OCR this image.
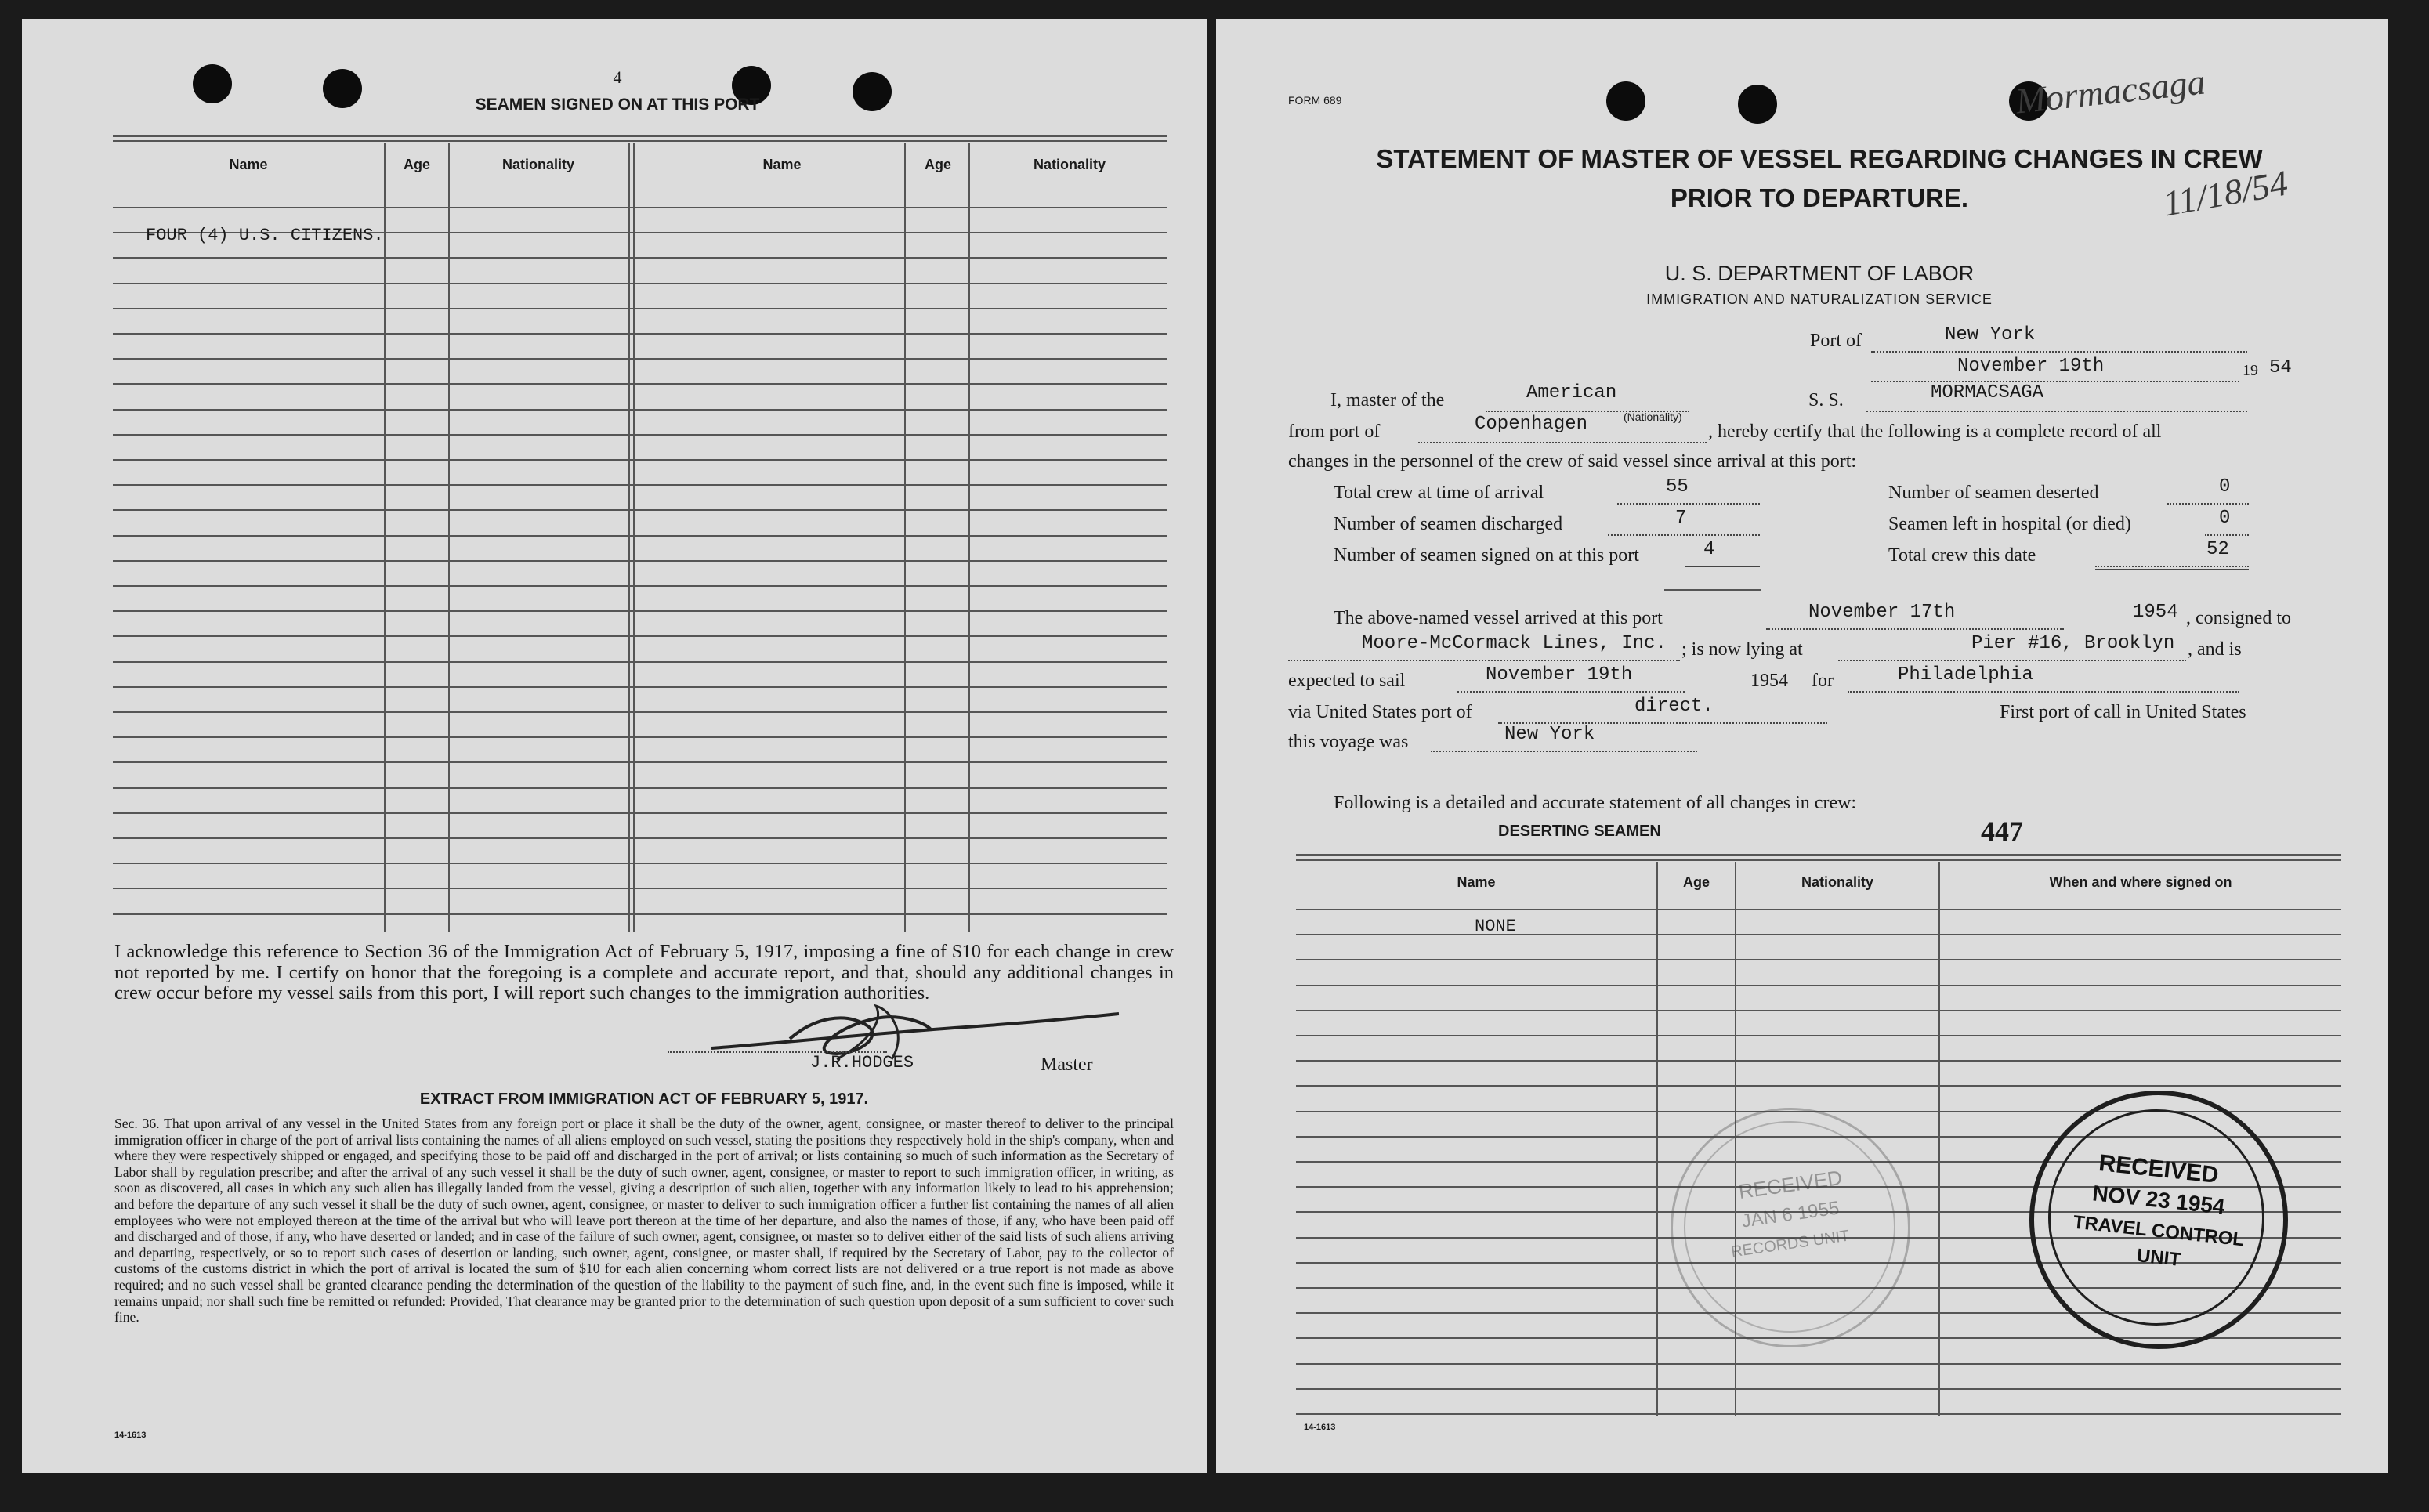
4
SEAMEN SIGNED ON AT THIS PORT
Name	Age	Nationality	Name	Age	Nationality
FOUR (4) U.S. CITIZENS.
I acknowledge this reference to Section 36 of the Immigration Act of February 5, 1917, imposing a fine of $10 for each change in crew not reported by me. I certify on honor that the foregoing is a complete and accurate report, and that, should any additional changes in crew occur before my vessel sails from this port, I will report such changes to the immigration authorities.
J.R.HODGES	Master
EXTRACT FROM IMMIGRATION ACT OF FEBRUARY 5, 1917.
Sec. 36. That upon arrival of any vessel in the United States from any foreign port or place it shall be the duty of the owner, agent, consignee, or master thereof to deliver to the principal immigration officer in charge of the port of arrival lists containing the names of all aliens employed on such vessel, stating the positions they respectively hold in the ship's company, when and where they were respectively shipped or engaged, and specifying those to be paid off and discharged in the port of arrival; or lists containing so much of such information as the Secretary of Labor shall by regulation prescribe; and after the arrival of any such vessel it shall be the duty of such owner, agent, consignee, or master to report to such immigration officer, in writing, as soon as discovered, all cases in which any such alien has illegally landed from the vessel, giving a description of such alien, together with any information likely to lead to his apprehension; and before the departure of any such vessel it shall be the duty of such owner, agent, consignee, or master to deliver to such immigration officer a further list containing the names of all alien employees who were not employed thereon at the time of the arrival but who will leave port thereon at the time of her departure, and also the names of those, if any, who have been paid off and discharged and of those, if any, who have deserted or landed; and in case of the failure of such owner, agent, consignee, or master so to deliver either of the said lists of such aliens arriving and departing, respectively, or so to report such cases of desertion or landing, such owner, agent, consignee, or master shall, if required by the Secretary of Labor, pay to the collector of customs of the customs district in which the port of arrival is located the sum of $10 for each alien concerning whom correct lists are not delivered or a true report is not made as above required; and no such vessel shall be granted clearance pending the determination of the question of the liability to the payment of such fine, and, in the event such fine is imposed, while it remains unpaid; nor shall such fine be remitted or refunded: Provided, That clearance may be granted prior to the determination of such question upon deposit of a sum sufficient to cover such fine.
14-1613
FORM 689	Mormacsaga
11/18/54
STATEMENT OF MASTER OF VESSEL REGARDING CHANGES IN CREW
PRIOR TO DEPARTURE.
U. S. DEPARTMENT OF LABOR
IMMIGRATION AND NATURALIZATION SERVICE
Port of	New York
November 19th	19 54
I, master of the	American	S. S.	MORMACSAGA
(Nationality)
from port of	Copenhagen	, hereby certify that the following is a complete record of all
changes in the personnel of the crew of said vessel since arrival at this port:
Total crew at time of arrival	55	Number of seamen deserted	0
Number of seamen discharged	7	Seamen left in hospital (or died)	0
Number of seamen signed on at this port	4	Total crew this date	52
The above-named vessel arrived at this port	November 17th	1954 , consigned to
Moore-McCormack Lines, Inc. ; is now lying at	Pier #16, Brooklyn , and is
expected to sail	November 19th	1954 for	Philadelphia
via United States port of	direct.	First port of call in United States
this voyage was	New York
Following is a detailed and accurate statement of all changes in crew:
DESERTING SEAMEN	447
Name	Age	Nationality	When and where signed on
NONE
RECEIVED
JAN 6 1955
RECORDS UNIT
RECEIVED
NOV 23 1954
TRAVEL CONTROL
UNIT
14-1613
